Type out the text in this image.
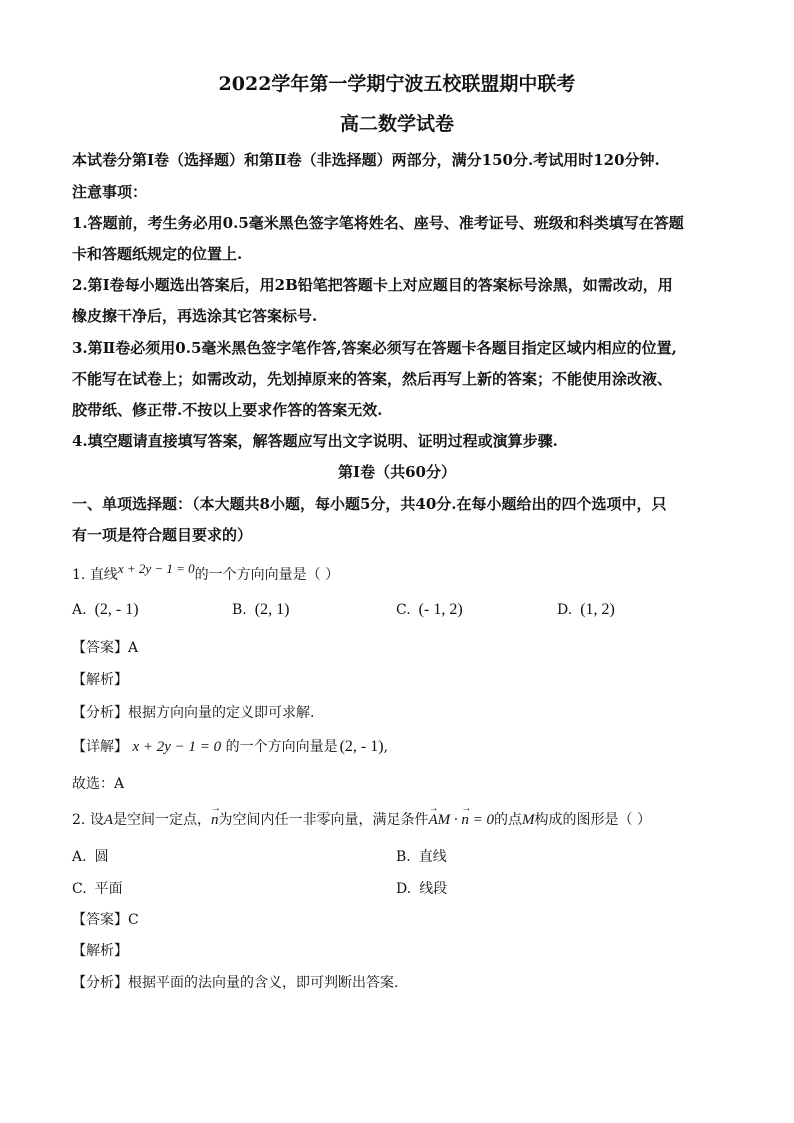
2022学年第一学期宁波五校联盟期中联考
高二数学试卷
本试卷分第Ⅰ卷（选择题）和第Ⅱ卷（非选择题）两部分，满分150分.考试用时120分钟.
注意事项：
1.答题前，考生务必用0.5毫米黑色签字笔将姓名、座号、准考证号、班级和科类填写在答题
卡和答题纸规定的位置上.
2.第Ⅰ卷每小题选出答案后，用2B铅笔把答题卡上对应题目的答案标号涂黑，如需改动，用
橡皮擦干净后，再选涂其它答案标号.
3.第Ⅱ卷必须用0.5毫米黑色签字笔作答,答案必须写在答题卡各题目指定区域内相应的位置,
不能写在试卷上；如需改动，先划掉原来的答案，然后再写上新的答案；不能使用涂改液、
胶带纸、修正带.不按以上要求作答的答案无效.
4.填空题请直接填写答案，解答题应写出文字说明、证明过程或演算步骤.
第Ⅰ卷（共60分）
一、单项选择题：（本大题共8小题，每小题5分，共40分.在每小题给出的四个选项中，只
有一项是符合题目要求的）
1. 直线x + 2y − 1 = 0的一个方向向量是（ ）
A. (2, - 1)	B. (2, 1)	C. (- 1, 2)	D. (1, 2)
【答案】A
【解析】
【分析】根据方向向量的定义即可求解.
【详解】 x + 2y − 1 = 0 的一个方向向量是 (2, - 1),
故选：A
2. 设A是空间一定点，→ n为空间内任一非零向量，满足条件→ AM · → n = 0的点M构成的图形是（ ）
A. 圆	B. 直线
C. 平面	D. 线段
【答案】C
【解析】
【分析】根据平面的法向量的含义，即可判断出答案.
